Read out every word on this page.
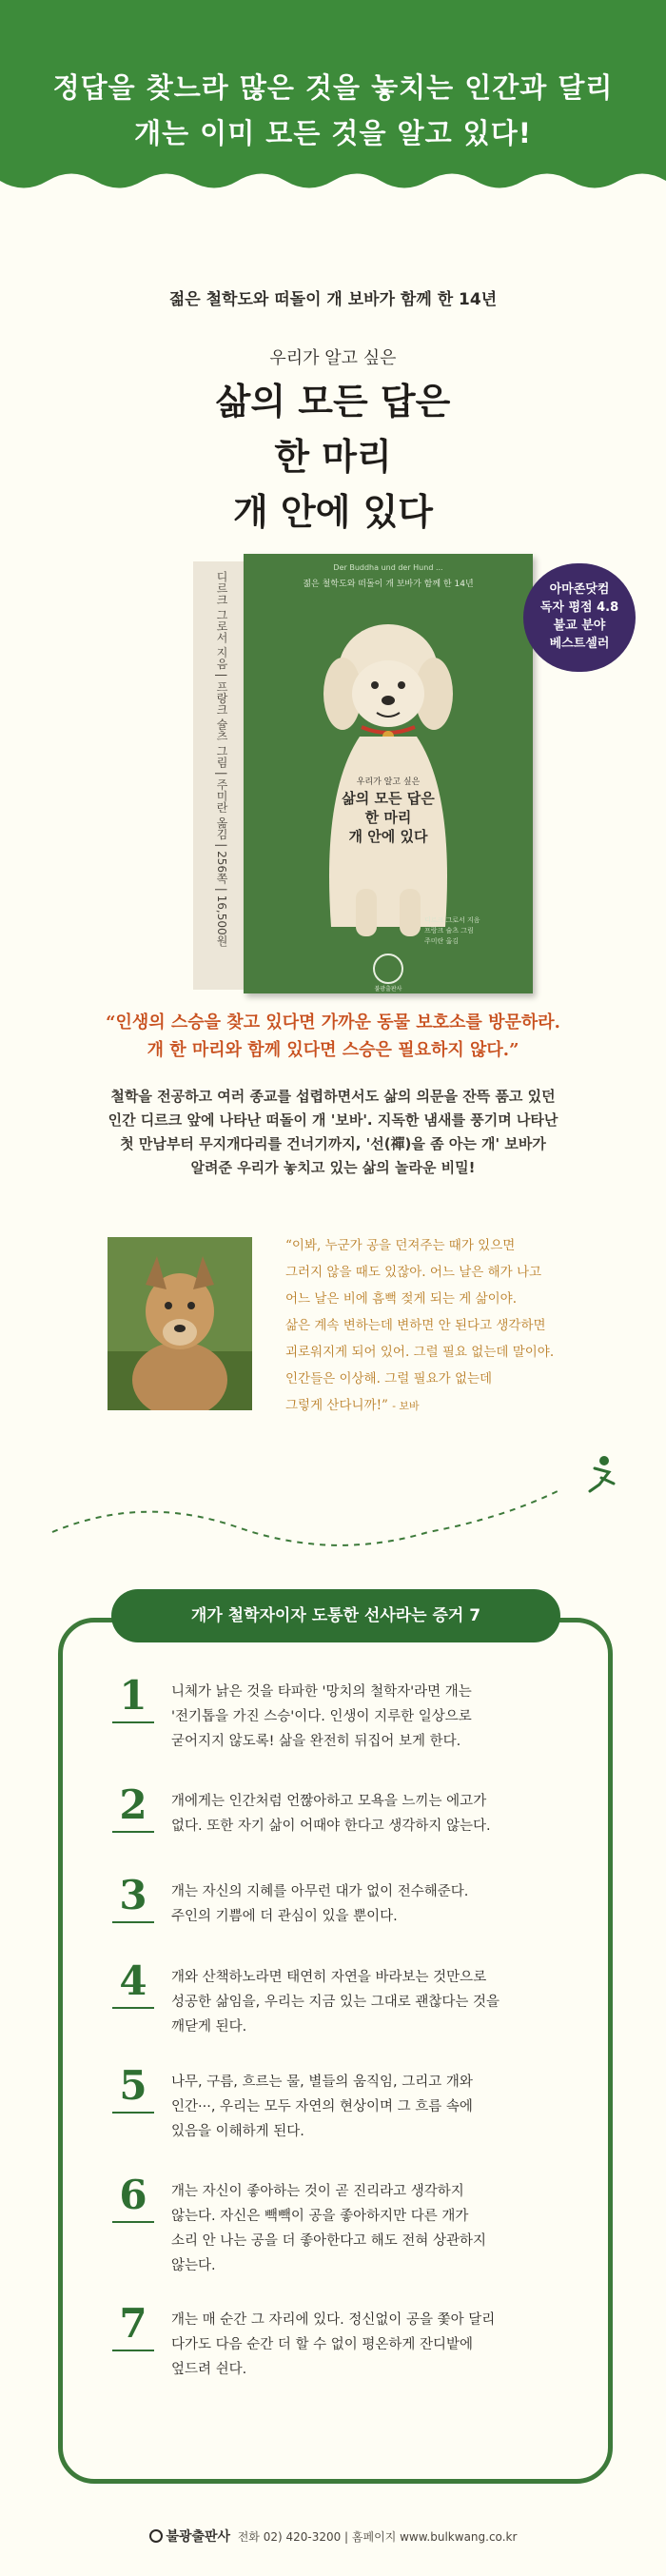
정답을 찾느라 많은 것을 놓치는 인간과 달리
개는 이미 모든 것을 알고 있다!
젊은 철학도와 떠돌이 개 보바가 함께 한 14년
우리가 알고 싶은
삶의 모든 답은
한 마리
개 안에 있다
디르크 그로서 지음 | 프랑크 슐츠 그림 | 주미란 옮김 | 256쪽 | 16,500원
Der Buddha und der Hund ...
젊은 철학도와 떠돌이 개 보바가 함께 한 14년
우리가 알고 싶은
삶의 모든 답은
한 마리
개 안에 있다
디르크 그로서 지음
프랑크 슐츠 그림
주미란 옮김
불광출판사
아마존닷컴
독자 평점 4.8
불교 분야
베스트셀러
“인생의 스승을 찾고 있다면 가까운 동물 보호소를 방문하라.
개 한 마리와 함께 있다면 스승은 필요하지 않다.”
철학을 전공하고 여러 종교를 섭렵하면서도 삶의 의문을 잔뜩 품고 있던
인간 디르크 앞에 나타난 떠돌이 개 '보바'. 지독한 냄새를 풍기며 나타난
첫 만남부터 무지개다리를 건너기까지, '선(禪)을 좀 아는 개' 보바가
알려준 우리가 놓치고 있는 삶의 놀라운 비밀!
“이봐, 누군가 공을 던져주는 때가 있으면
그러지 않을 때도 있잖아. 어느 날은 해가 나고
어느 날은 비에 흠뻑 젖게 되는 게 삶이야.
삶은 계속 변하는데 변하면 안 된다고 생각하면
괴로워지게 되어 있어. 그럴 필요 없는데 말이야.
인간들은 이상해. 그럴 필요가 없는데
그렇게 산다니까!” - 보바
개가 철학자이자 도통한 선사라는 증거 7
1	니체가 낡은 것을 타파한 '망치의 철학자'라면 개는
'전기톱을 가진 스승'이다. 인생이 지루한 일상으로
굳어지지 않도록! 삶을 완전히 뒤집어 보게 한다.
2	개에게는 인간처럼 언짢아하고 모욕을 느끼는 에고가
없다. 또한 자기 삶이 어때야 한다고 생각하지 않는다.
3	개는 자신의 지혜를 아무런 대가 없이 전수해준다.
주인의 기쁨에 더 관심이 있을 뿐이다.
4	개와 산책하노라면 태연히 자연을 바라보는 것만으로
성공한 삶임을, 우리는 지금 있는 그대로 괜찮다는 것을
깨닫게 된다.
5	나무, 구름, 흐르는 물, 별들의 움직임, 그리고 개와
인간···, 우리는 모두 자연의 현상이며 그 흐름 속에
있음을 이해하게 된다.
6	개는 자신이 좋아하는 것이 곧 진리라고 생각하지
않는다. 자신은 빽빽이 공을 좋아하지만 다른 개가
소리 안 나는 공을 더 좋아한다고 해도 전혀 상관하지
않는다.
7	개는 매 순간 그 자리에 있다. 정신없이 공을 쫓아 달리
다가도 다음 순간 더 할 수 없이 평온하게 잔디밭에
엎드려 쉰다.
불광출판사 전화 02) 420-3200 | 홈페이지 www.bulkwang.co.kr
